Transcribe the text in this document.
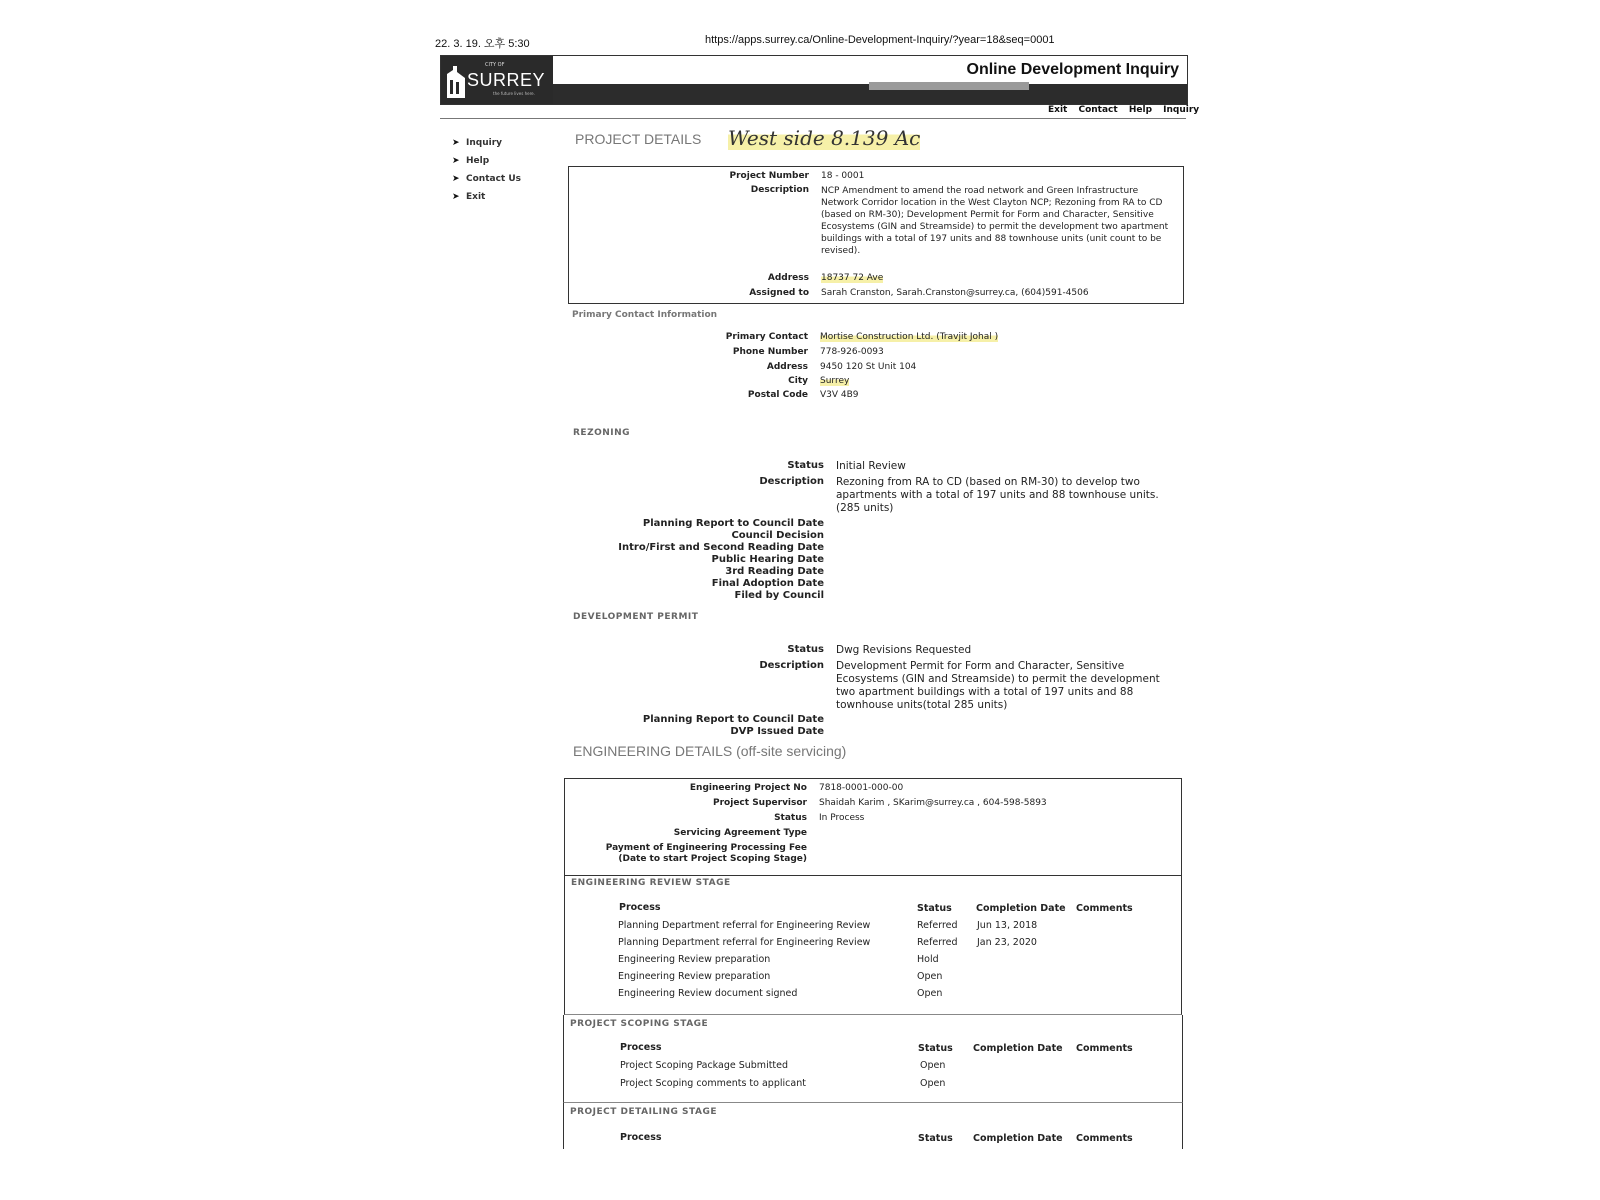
22. 3. 19. 오후 5:30	https://apps.surrey.ca/Online-Development-Inquiry/?year=18&seq=0001
CITY OF
SURREY
the future lives here.
Online Development Inquiry
Exit Contact Help Inquiry
➤ Inquiry
➤ Help
➤ Contact Us
➤ Exit
PROJECT DETAILS West side 8.139 Ac
Project Number 18 - 0001
Description NCP Amendment to amend the road network and Green Infrastructure Network Corridor location in the West Clayton NCP; Rezoning from RA to CD (based on RM-30); Development Permit for Form and Character, Sensitive Ecosystems (GIN and Streamside) to permit the development two apartment buildings with a total of 197 units and 88 townhouse units (unit count to be revised).
Address 18737 72 Ave
Assigned to Sarah Cranston, Sarah.Cranston@surrey.ca, (604)591-4506
Primary Contact Information
Primary Contact Mortise Construction Ltd. (Travjit Johal )
Phone Number 778-926-0093
Address 9450 120 St Unit 104
City Surrey
Postal Code V3V 4B9
REZONING
Status Initial Review
Description Rezoning from RA to CD (based on RM-30) to develop two apartments with a total of 197 units and 88 townhouse units. (285 units)
Planning Report to Council Date
Council Decision
Intro/First and Second Reading Date
Public Hearing Date
3rd Reading Date
Final Adoption Date
Filed by Council
DEVELOPMENT PERMIT
Status Dwg Revisions Requested
Description Development Permit for Form and Character, Sensitive Ecosystems (GIN and Streamside) to permit the development two apartment buildings with a total of 197 units and 88 townhouse units(total 285 units)
Planning Report to Council Date
DVP Issued Date
ENGINEERING DETAILS (off-site servicing)
Engineering Project No 7818-0001-000-00
Project Supervisor Shaidah Karim , SKarim@surrey.ca , 604-598-5893
Status In Process
Servicing Agreement Type
Payment of Engineering Processing Fee
(Date to start Project Scoping Stage)
ENGINEERING REVIEW STAGE
Process	Status	Completion Date Comments
Planning Department referral for Engineering Review	Referred Jun 13, 2018
Planning Department referral for Engineering Review	Referred Jan 23, 2020
Engineering Review preparation	Hold
Engineering Review preparation	Open
Engineering Review document signed	Open
PROJECT SCOPING STAGE
Process	Status Completion Date Comments
Project Scoping Package Submitted	Open
Project Scoping comments to applicant	Open
PROJECT DETAILING STAGE
Process	Status Completion Date Comments
